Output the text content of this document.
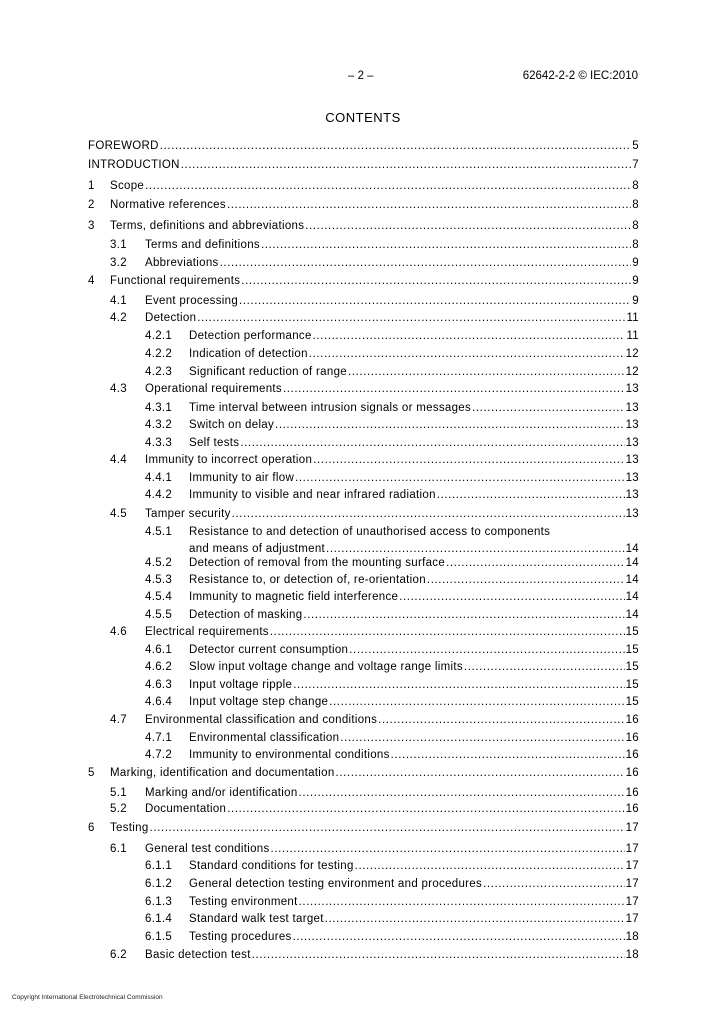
– 2 –	62642-2-2 © IEC:2010
CONTENTS
FOREWORD .....	5
INTRODUCTION .....	7
1 Scope .....	8
2 Normative references .....	8
3 Terms, definitions and abbreviations .....	8
3.1 Terms and definitions .....	8
3.2 Abbreviations .....	9
4 Functional requirements .....	9
4.1 Event processing .....	9
4.2 Detection .....	11
4.2.1 Detection performance .....	11
4.2.2 Indication of detection .....	12
4.2.3 Significant reduction of range .....	12
4.3 Operational requirements .....	13
4.3.1 Time interval between intrusion signals or messages .....	13
4.3.2 Switch on delay .....	13
4.3.3 Self tests .....	13
4.4 Immunity to incorrect operation .....	13
4.4.1 Immunity to air flow .....	13
4.4.2 Immunity to visible and near infrared radiation .....	13
4.5 Tamper security .....	13
4.5.1 Resistance to and detection of unauthorised access to components
and means of adjustment .....	14
4.5.2 Detection of removal from the mounting surface .....	14
4.5.3 Resistance to, or detection of, re-orientation .....	14
4.5.4 Immunity to magnetic field interference .....	14
4.5.5 Detection of masking .....	14
4.6 Electrical requirements .....	15
4.6.1 Detector current consumption .....	15
4.6.2 Slow input voltage change and voltage range limits .....	15
4.6.3 Input voltage ripple .....	15
4.6.4 Input voltage step change .....	15
4.7 Environmental classification and conditions .....	16
4.7.1 Environmental classification .....	16
4.7.2 Immunity to environmental conditions .....	16
5 Marking, identification and documentation .....	16
5.1 Marking and/or identification .....	16
5.2 Documentation .....	16
6 Testing .....	17
6.1 General test conditions .....	17
6.1.1 Standard conditions for testing .....	17
6.1.2 General detection testing environment and procedures .....	17
6.1.3 Testing environment .....	17
6.1.4 Standard walk test target .....	17
6.1.5 Testing procedures .....	18
6.2 Basic detection test .....	18
Copyright International Electrotechnical Commission
